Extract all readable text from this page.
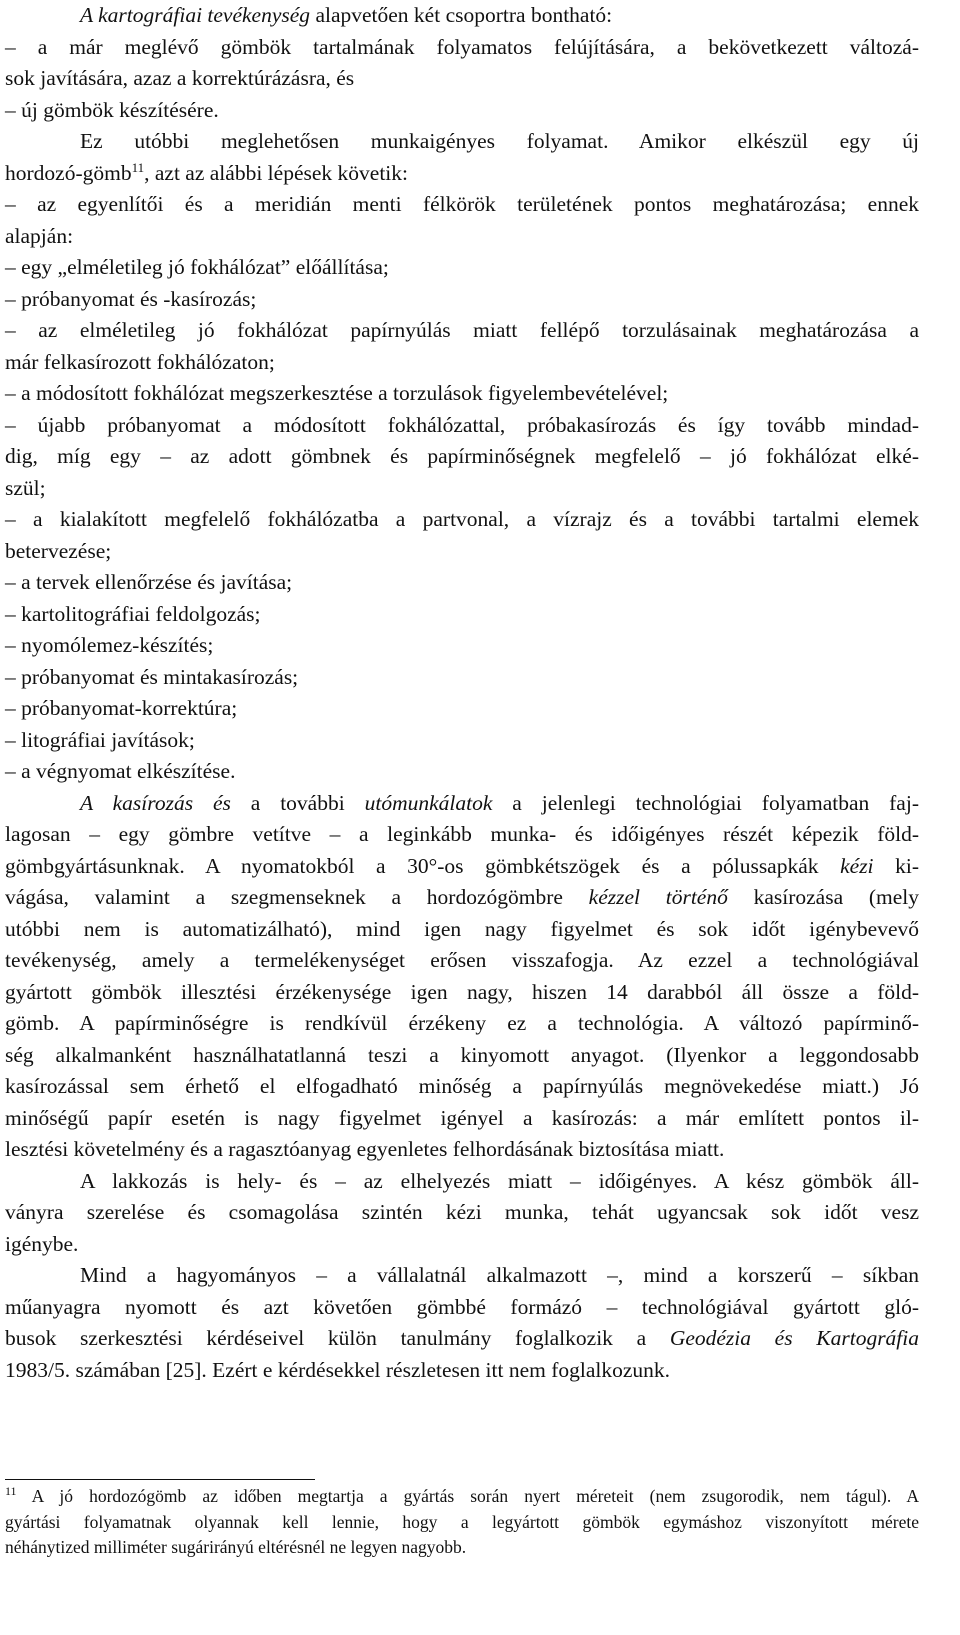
A kartográfiai tevékenység alapvetően két csoportra bontható:
– a már meglévő gömbök tartalmának folyamatos felújítására, a bekövetkezett változá-
sok javítására, azaz a korrektúrázásra, és
– új gömbök készítésére.
Ez utóbbi meglehetősen munkaigényes folyamat. Amikor elkészül egy új
hordozó-gömb$^{11}$, azt az alábbi lépések követik:
– az egyenlítői és a meridián menti félkörök területének pontos meghatározása; ennek
alapján:
– egy „elméletileg jó fokhálózat” előállítása;
– próbanyomat és -kasírozás;
– az elméletileg jó fokhálózat papírnyúlás miatt fellépő torzulásainak meghatározása a
már felkasírozott fokhálózaton;
– a módosított fokhálózat megszerkesztése a torzulások figyelembevételével;
– újabb próbanyomat a módosított fokhálózattal, próbakasírozás és így tovább mindad-
dig, míg egy – az adott gömbnek és papírminőségnek megfelelő – jó fokhálózat elké-
szül;
– a kialakított megfelelő fokhálózatba a partvonal, a vízrajz és a további tartalmi elemek
betervezése;
– a tervek ellenőrzése és javítása;
– kartolitográfiai feldolgozás;
– nyomólemez-készítés;
– próbanyomat és mintakasírozás;
– próbanyomat-korrektúra;
– litográfiai javítások;
– a végnyomat elkészítése.
A kasírozás és a további utómunkálatok a jelenlegi technológiai folyamatban faj-
lagosan – egy gömbre vetítve – a leginkább munka- és időigényes részét képezik föld-
gömbgyártásunknak. A nyomatokból a 30°-os gömbkétszögek és a pólussapkák kézi ki-
vágása, valamint a szegmenseknek a hordozógömbre kézzel történő kasírozása (mely
utóbbi nem is automatizálható), mind igen nagy figyelmet és sok időt igénybevevő
tevékenység, amely a termelékenységet erősen visszafogja. Az ezzel a technológiával
gyártott gömbök illesztési érzékenysége igen nagy, hiszen 14 darabból áll össze a föld-
gömb. A papírminőségre is rendkívül érzékeny ez a technológia. A változó papírminő-
ség alkalmanként használhatatlanná teszi a kinyomott anyagot. (Ilyenkor a leggondosabb
kasírozással sem érhető el elfogadható minőség a papírnyúlás megnövekedése miatt.) Jó
minőségű papír esetén is nagy figyelmet igényel a kasírozás: a már említett pontos il-
lesztési követelmény és a ragasztóanyag egyenletes felhordásának biztosítása miatt.
A lakkozás is hely- és – az elhelyezés miatt – időigényes. A kész gömbök áll-
ványra szerelése és csomagolása szintén kézi munka, tehát ugyancsak sok időt vesz
igénybe.
Mind a hagyományos – a vállalatnál alkalmazott –, mind a korszerű – síkban
műanyagra nyomott és azt követően gömbbé formázó – technológiával gyártott gló-
busok szerkesztési kérdéseivel külön tanulmány foglalkozik a Geodézia és Kartográfia
1983/5. számában [25]. Ezért e kérdésekkel részletesen itt nem foglalkozunk.
$^{11}$ A jó hordozógömb az időben megtartja a gyártás során nyert méreteit (nem zsugorodik, nem tágul). A
gyártási folyamatnak olyannak kell lennie, hogy a legyártott gömbök egymáshoz viszonyított mérete
néhánytized milliméter sugárirányú eltérésnél ne legyen nagyobb.
